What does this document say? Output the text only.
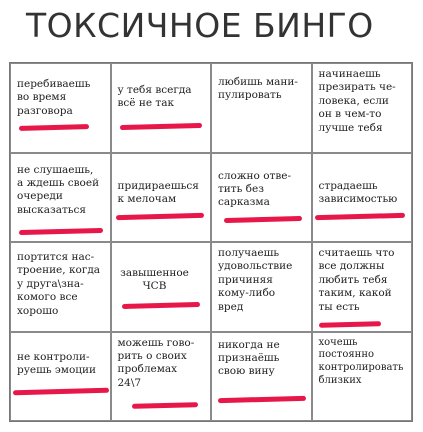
ТОКСИЧНОЕ БИНГО
перебиваешь
во время
разговора
у тебя всегда
всё не так
любишь мани-
пулировать
начинаешь
презирать че-
ловека, если
он в чем-то
лучше тебя
не слушаешь,
а ждешь своей
очереди
высказаться
придираешься
к мелочам
сложно отве-
тить без
сарказма
страдаешь
зависимостью
портится нас-
троение, когда
у друга\зна-
комого все
хорошо
завышенное
ЧСВ
получаешь
удовольствие
причиняя
кому-либо
вред
считаешь что
все должны
любить тебя
таким, какой
ты есть
не контроли-
руешь эмоции
можешь гово-
рить о своих
проблемах
24\7
никогда не
признаёшь
свою вину
хочешь
постоянно
контролировать
близких
